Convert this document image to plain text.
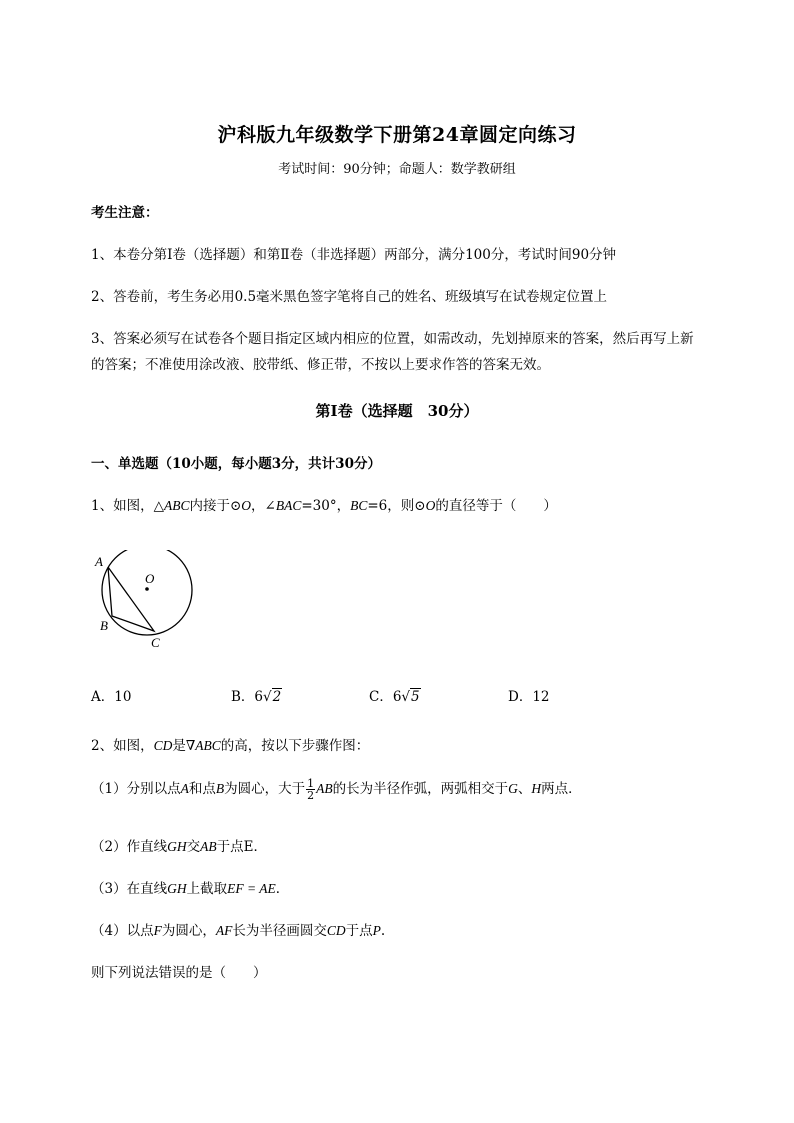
沪科版九年级数学下册第24章圆定向练习
考试时间：90分钟；命题人：数学教研组
考生注意：
1、本卷分第Ⅰ卷（选择题）和第Ⅱ卷（非选择题）两部分，满分100分，考试时间90分钟
2、答卷前，考生务必用0.5毫米黑色签字笔将自己的姓名、班级填写在试卷规定位置上
3、答案必须写在试卷各个题目指定区域内相应的位置，如需改动，先划掉原来的答案，然后再写上新
的答案；不准使用涂改液、胶带纸、修正带，不按以上要求作答的答案无效。
第Ⅰ卷（选择题　30分）
一、单选题（10小题，每小题3分，共计30分）
1、如图，△ABC内接于⊙O，∠BAC=30°，BC=6，则⊙O的直径等于（　　）
A
O
B
C
A．10	B．6√2	C．6√5	D．12
2、如图，CD是∇ABC的高，按以下步骤作图：
（1）分别以点A和点B为圆心，大于 $\frac{1}{2}$ AB的长为半径作弧，两弧相交于G、H两点．
（2）作直线GH交AB于点E．
（3）在直线GH上截取EF = AE．
（4）以点F为圆心，AF长为半径画圆交CD于点P.
则下列说法错误的是（　　）
